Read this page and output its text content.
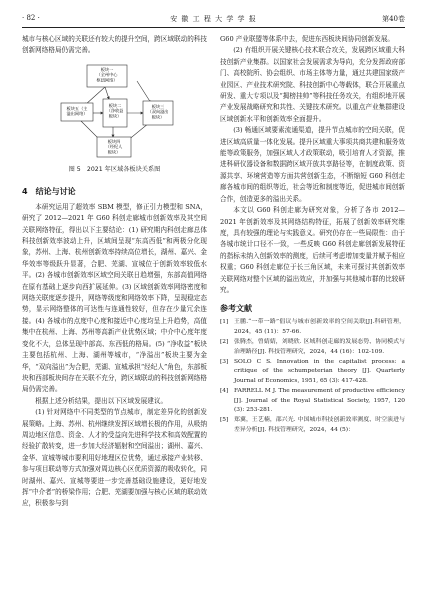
· 82 ·	安 徽 工 程 大 学 学 报	第40卷

城市与核心区域的关联还有较大的提升空间，跨区域联动的科技创新网络格局仍需完善。

板块一（全州中心枢纽网络）
板块二（净收益板块）
板块三（双向溢出板块）
板块四（经纪人板块）
板块五（主溢出网络）
图 5　2021 年区域各板块关系图
4　结论与讨论

本研究运用了超效率 SBM 模型，修正引力模型和 SNA，研究了 2012—2021 年 G60 科创走廊城市创新效率及其空间关联网络特征，得出以下主要结论：(1) 研究期内科创走廊总体科技创新效率波动上升，区域间呈现“东高西低”和两极分化现象，苏州、上海、杭州创新效率持续高位增长，湖州、嘉兴、金华效率等级跃升显著，合肥、芜湖、宣城位于创新效率较低水平。(2) 各城市创新效率区域空间关联日趋增强，东部高值网络在原有基础上逐步向西扩展延伸。(3) 区域创新效率网络密度和网络关联度逐步提升，网络等级度和网络效率下降，呈现稳定态势，显示网络整体的可达性与连通性较好，但存在少量冗余连接。(4) 各城市的点度中心度和接近中心度均呈上升趋势，高值集中在杭州、上海、苏州等高新产业优势区域；中介中心度年度变化不大，总体呈现中部高、东西低的格局。(5) “净收益”板块主要包括杭州、上海、湖州等城市，“净溢出”板块主要为金华，“双向溢出”为合肥，芜湖、宣城承担“经纪人”角色，东部板块和西部板块间存在关联不充分，跨区域联动的科技创新网络格局仍需完善。

根据上述分析结果，提出以下区域发展建议。

(1) 针对网络中不同类型的节点城市，制定差异化的创新发展策略。上海、苏州、杭州继续发挥区域增长极的作用，从吸纳周边地区信息、资金、人才的受益向先进科学技术和高效配置的经验扩散转变，进一步加大经济辐射和空间溢出；湖州、嘉兴、金华、宣城等城市要利用好地理区位优势，通过承接产业转移、参与项目联动等方式加强对周边核心区优质资源的吸收转化，同时湖州、嘉兴、宣城等要进一步完善基础设施建设，更好地发挥“中介者”的桥梁作用；合肥、芜湖要加强与核心区域的联动效应，积极参与到

G60 产业联盟等体系中去，促进东西板块间协同创新发展。

(2) 有组织开展关键核心技术联合攻关，发展跨区域重大科技创新产业集群。以国家社会发展需求为导向，充分发挥政府部门、高校院所、协会组织、市场主体等力量，通过共建国家级产业园区、产业技术研究院、科技创新中心等载体，联合开展重点研发、重大专项以及“揭榜挂帅”等科技任务攻关，有组织地开展产业发展战略研究和共性、关键技术研究。以重点产业集群建设区域创新水平和创新效率全面提升。

(3) 畅通区域要素流通渠道，提升节点城市的空间关联，促进区域高质量一体化发展。提升区域重大事项共商共建和服务效能等政策服务，加强区域人才政策联动，吸引培育人才资源，推进科研仪器设备和数据跨区域开放共享路径等，在制度政策、资源共享、环境营造等方面共营创新生态，不断缩短 G60 科创走廊各城市间的组织等近，社会等近和制度等近，促进城市间创新合作，创造更多的溢出关系。

本文以 G60 科创走廊为研究对象，分析了各市 2012—2021 年创新效率及其网络结构特征，拓展了创新效率研究维度，具有较强的理论与实践意义。研究仍存在一些局限性：由于各城市统计口径不一致，一些反映 G60 科创走廊创新发展特征的指标未纳入创新效率的测度，后续可考虑增加变量并赋予相应权重；G60 科创走廊位于长三角区域，未来可探讨其创新效率关联网络对整个区域的溢出效应，并加强与其他城市群的比较研究。

参考文献
[1] 王鹏.“一带一路”倡议与城市创新效率的空间关联[J].科研管理，2024，45 (11)：57-66.
[2] 张腾杰，曾婧婧，刘晓欣. 区域科创走廊的发展态势、协同模式与治理路径[J]. 科技管理研究，2024，44 (16)：102-109.
[3] SOLO C S. Innovation in the capitalist process: a critique of the schumpeterian theory [J]. Quarterly Journal of Economics, 1951, 65 (3): 417-428.
[4] FARRELL M J. The measurement of productive efficiency [J]. Journal of the Royal Statistical Society, 1957, 120 (3): 253-281.
[5] 郑翼，王艺楠，邵兴光. 中国城市科技创新效率测度、时空演进与差异分析[J]. 科技管理研究，2024，44 (5)：
